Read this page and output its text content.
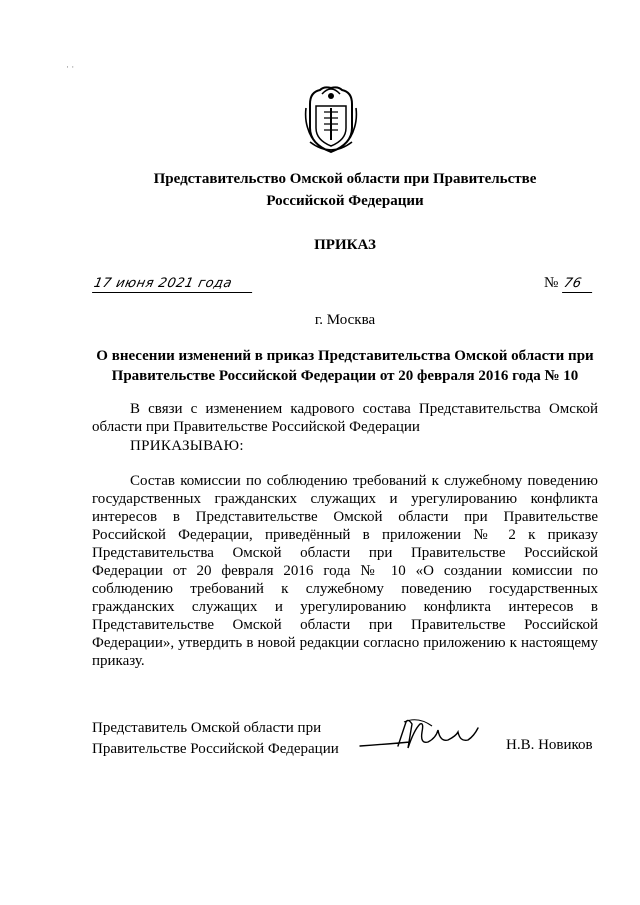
· ·
Представительство Омской области при Правительстве
Российской Федерации
ПРИКАЗ
17 июня 2021 года	№ 76
г. Москва
О внесении изменений в приказ Представительства Омской области при
Правительстве Российской Федерации от 20 февраля 2016 года № 10
В связи с изменением кадрового состава Представительства Омской области при Правительстве Российской Федерации
ПРИКАЗЫВАЮ:
Состав комиссии по соблюдению требований к служебному поведению государственных гражданских служащих и урегулированию конфликта интересов в Представительстве Омской области при Правительстве Российской Федерации, приведённый в приложении № 2 к приказу Представительства Омской области при Правительстве Российской Федерации от 20 февраля 2016 года № 10 «О создании комиссии по соблюдению требований к служебному поведению государственных гражданских служащих и урегулированию конфликта интересов в Представительстве Омской области при Правительстве Российской Федерации», утвердить в новой редакции согласно приложению к настоящему приказу.
Представитель Омской области при
Правительстве Российской Федерации	Н.В. Новиков
